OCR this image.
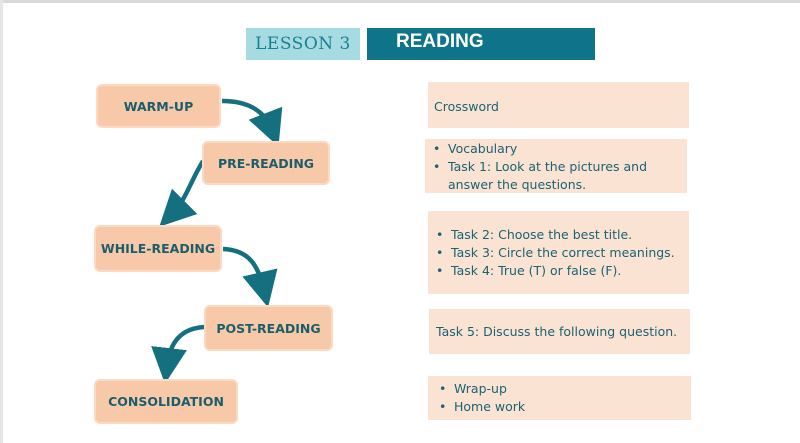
LESSON 3	READING
WARM-UP
PRE-READING
WHILE-READING
POST-READING
CONSOLIDATION
Crossword
• Vocabulary
• Task 1: Look at the pictures and answer the questions.
• Task 2: Choose the best title.
• Task 3: Circle the correct meanings.
• Task 4: True (T) or false (F).
Task 5: Discuss the following question.
• Wrap-up
• Home work
